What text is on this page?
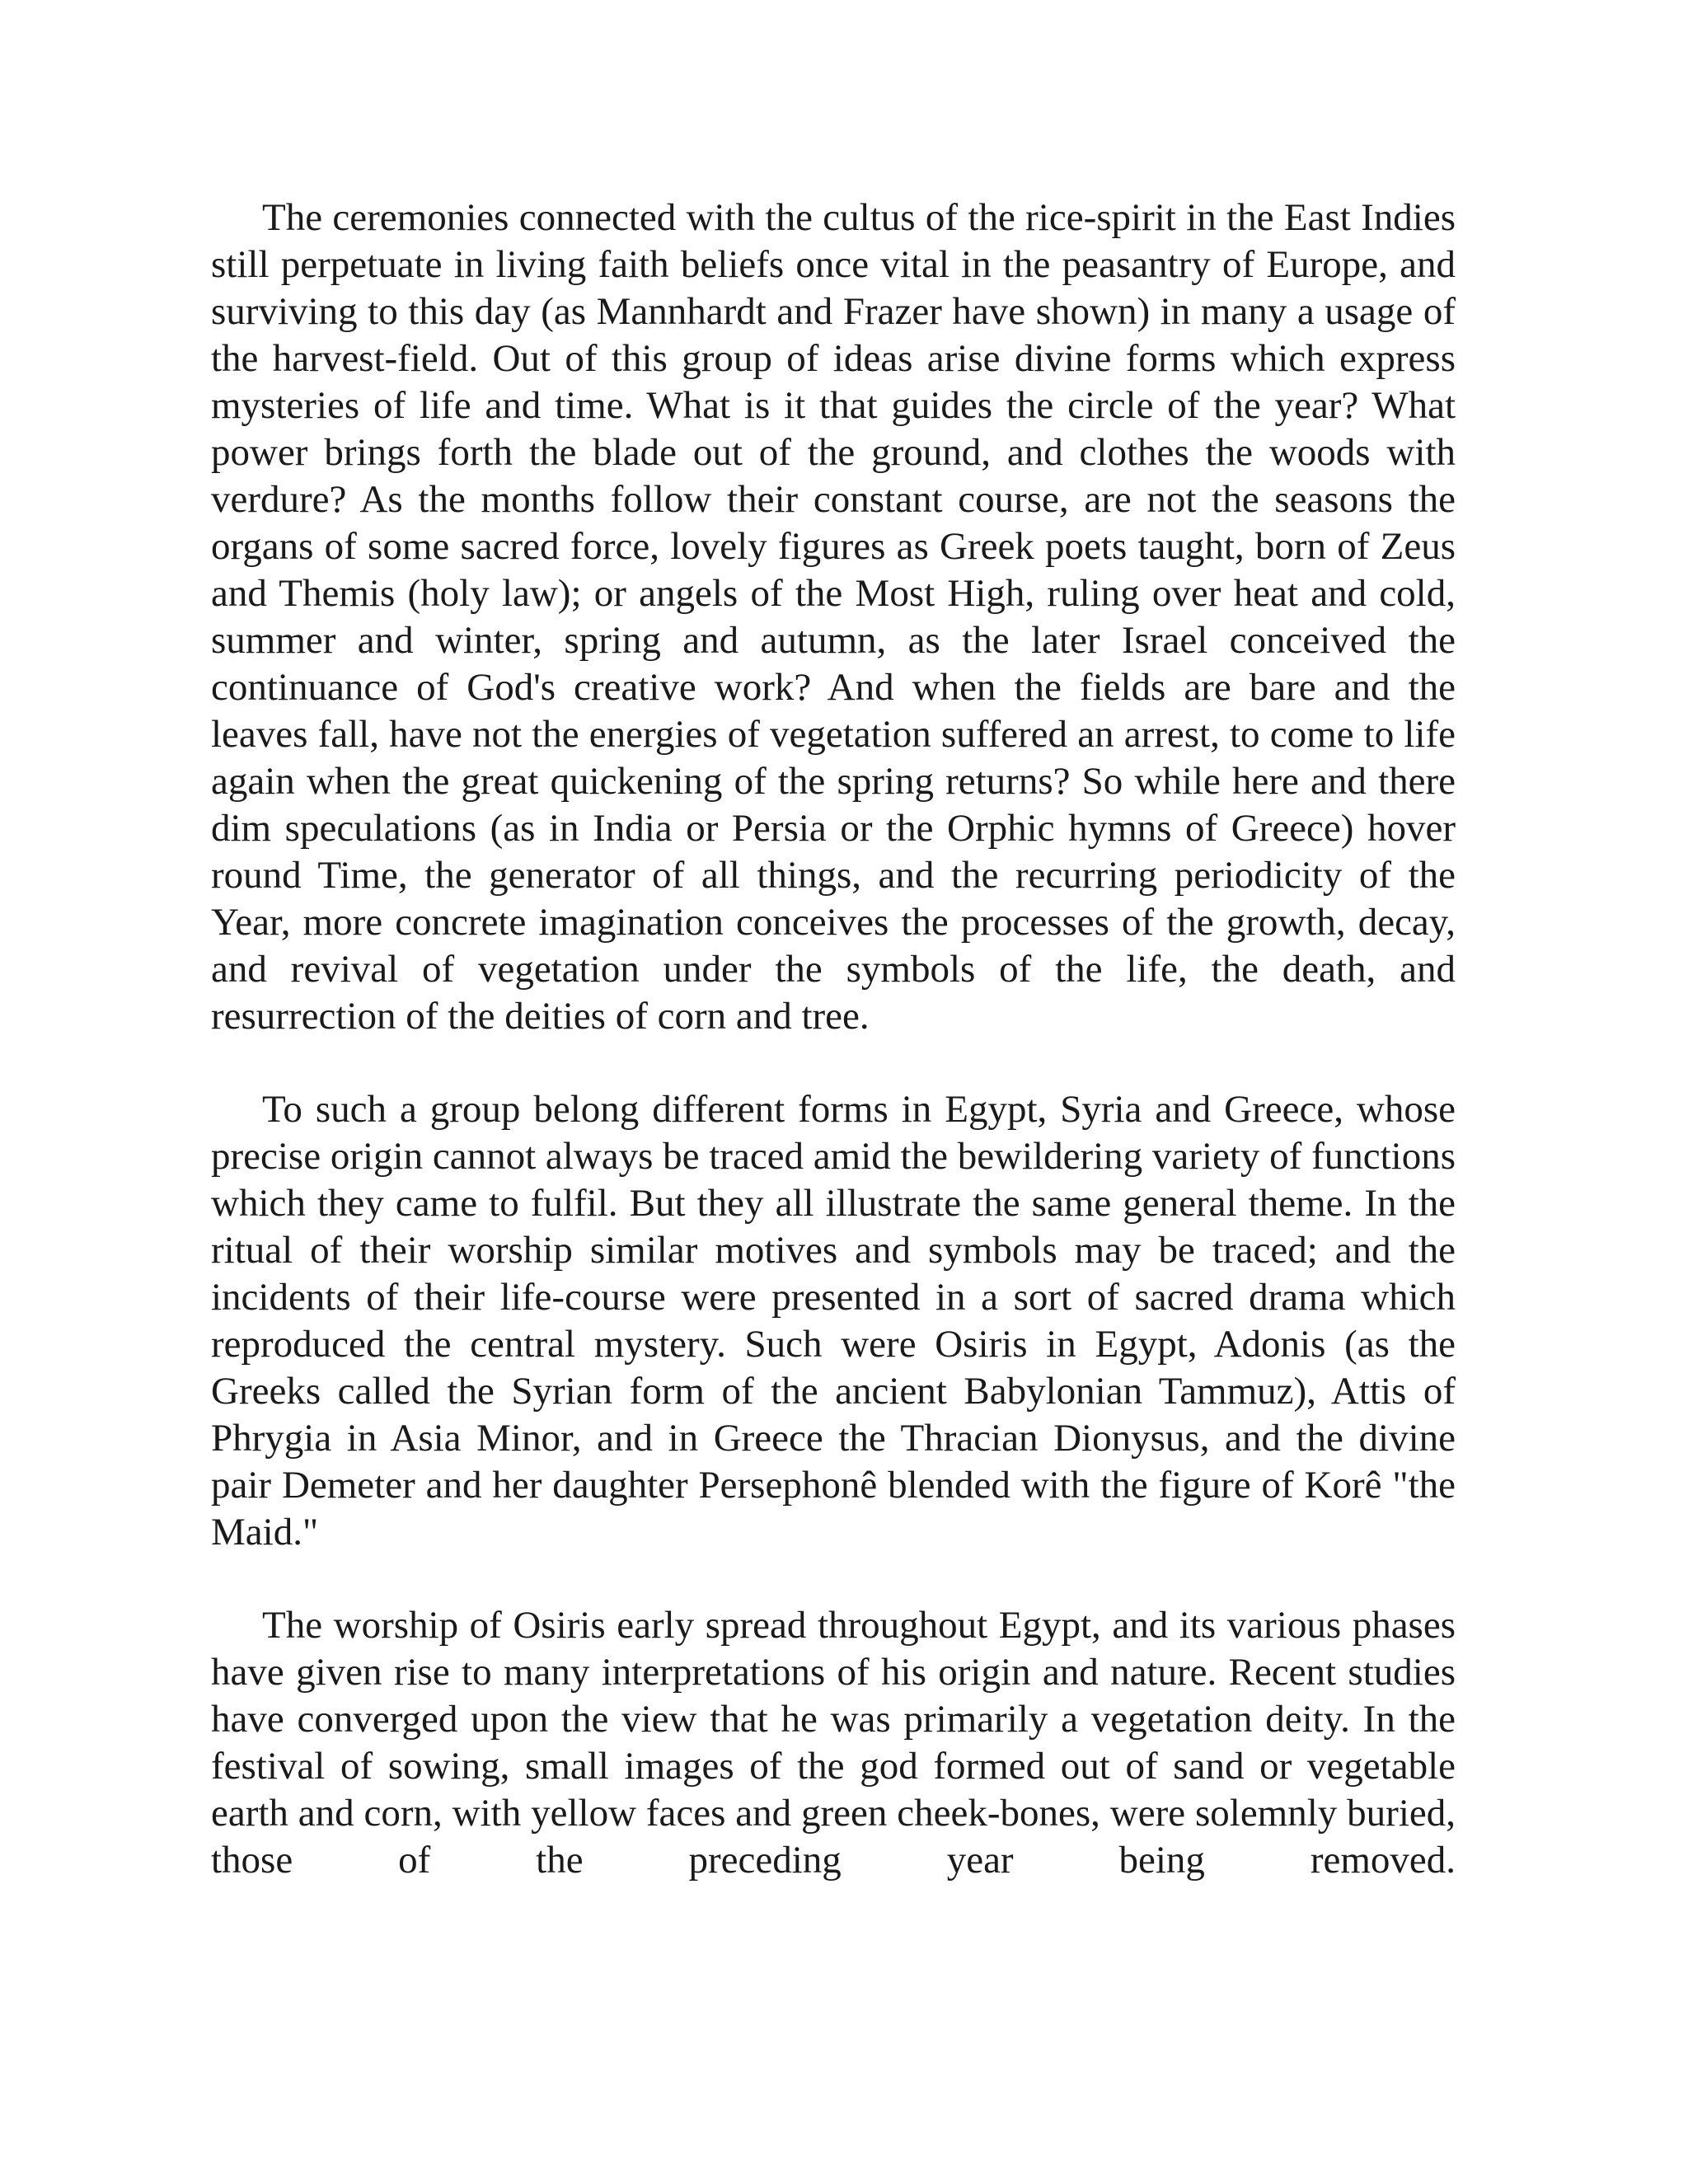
The ceremonies connected with the cultus of the rice-spirit in the East Indies still perpetuate in living faith beliefs once vital in the peasantry of Europe, and surviving to this day (as Mannhardt and Frazer have shown) in many a usage of the harvest-field. Out of this group of ideas arise divine forms which express mysteries of life and time. What is it that guides the circle of the year? What power brings forth the blade out of the ground, and clothes the woods with verdure? As the months follow their constant course, are not the seasons the organs of some sacred force, lovely figures as Greek poets taught, born of Zeus and Themis (holy law); or angels of the Most High, ruling over heat and cold, summer and winter, spring and autumn, as the later Israel conceived the continuance of God's creative work? And when the fields are bare and the leaves fall, have not the energies of vegetation suffered an arrest, to come to life again when the great quickening of the spring returns? So while here and there dim speculations (as in India or Persia or the Orphic hymns of Greece) hover round Time, the generator of all things, and the recurring periodicity of the Year, more concrete imagination conceives the processes of the growth, decay, and revival of vegetation under the symbols of the life, the death, and resurrection of the deities of corn and tree.

To such a group belong different forms in Egypt, Syria and Greece, whose precise origin cannot always be traced amid the bewildering variety of functions which they came to fulfil. But they all illustrate the same general theme. In the ritual of their worship similar motives and symbols may be traced; and the incidents of their life-course were presented in a sort of sacred drama which reproduced the central mystery. Such were Osiris in Egypt, Adonis (as the Greeks called the Syrian form of the ancient Babylonian Tammuz), Attis of Phrygia in Asia Minor, and in Greece the Thracian Dionysus, and the divine pair Demeter and her daughter Persephonê blended with the figure of Korê "the Maid."

The worship of Osiris early spread throughout Egypt, and its various phases have given rise to many interpretations of his origin and nature. Recent studies have converged upon the view that he was primarily a vegetation deity. In the festival of sowing, small images of the god formed out of sand or vegetable earth and corn, with yellow faces and green cheek-bones, were solemnly buried, those of the preceding year being removed.
